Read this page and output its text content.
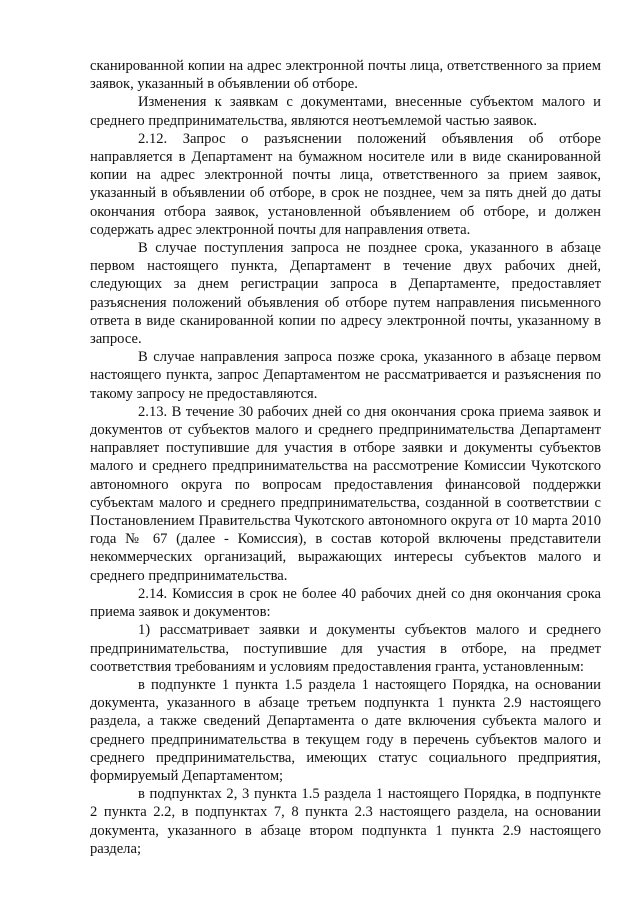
сканированной копии на адрес электронной почты лица, ответственного за прием заявок, указанный в объявлении об отборе.

Изменения к заявкам с документами, внесенные субъектом малого и среднего предпринимательства, являются неотъемлемой частью заявок.

2.12. Запрос о разъяснении положений объявления об отборе направляется в Департамент на бумажном носителе или в виде сканированной копии на адрес электронной почты лица, ответственного за прием заявок, указанный в объявлении об отборе, в срок не позднее, чем за пять дней до даты окончания отбора заявок, установленной объявлением об отборе, и должен содержать адрес электронной почты для направления ответа.

В случае поступления запроса не позднее срока, указанного в абзаце первом настоящего пункта, Департамент в течение двух рабочих дней, следующих за днем регистрации запроса в Департаменте, предоставляет разъяснения положений объявления об отборе путем направления письменного ответа в виде сканированной копии по адресу электронной почты, указанному в запросе.

В случае направления запроса позже срока, указанного в абзаце первом настоящего пункта, запрос Департаментом не рассматривается и разъяснения по такому запросу не предоставляются.

2.13. В течение 30 рабочих дней со дня окончания срока приема заявок и документов от субъектов малого и среднего предпринимательства Департамент направляет поступившие для участия в отборе заявки и документы субъектов малого и среднего предпринимательства на рассмотрение Комиссии Чукотского автономного округа по вопросам предоставления финансовой поддержки субъектам малого и среднего предпринимательства, созданной в соответствии с Постановлением Правительства Чукотского автономного округа от 10 марта 2010 года № 67 (далее - Комиссия), в состав которой включены представители некоммерческих организаций, выражающих интересы субъектов малого и среднего предпринимательства.

2.14. Комиссия в срок не более 40 рабочих дней со дня окончания срока приема заявок и документов:

1) рассматривает заявки и документы субъектов малого и среднего предпринимательства, поступившие для участия в отборе, на предмет соответствия требованиям и условиям предоставления гранта, установленным:

в подпункте 1 пункта 1.5 раздела 1 настоящего Порядка, на основании документа, указанного в абзаце третьем подпункта 1 пункта 2.9 настоящего раздела, а также сведений Департамента о дате включения субъекта малого и среднего предпринимательства в текущем году в перечень субъектов малого и среднего предпринимательства, имеющих статус социального предприятия, формируемый Департаментом;

в подпунктах 2, 3 пункта 1.5 раздела 1 настоящего Порядка, в подпункте 2 пункта 2.2, в подпунктах 7, 8 пункта 2.3 настоящего раздела, на основании документа, указанного в абзаце втором подпункта 1 пункта 2.9 настоящего раздела;
